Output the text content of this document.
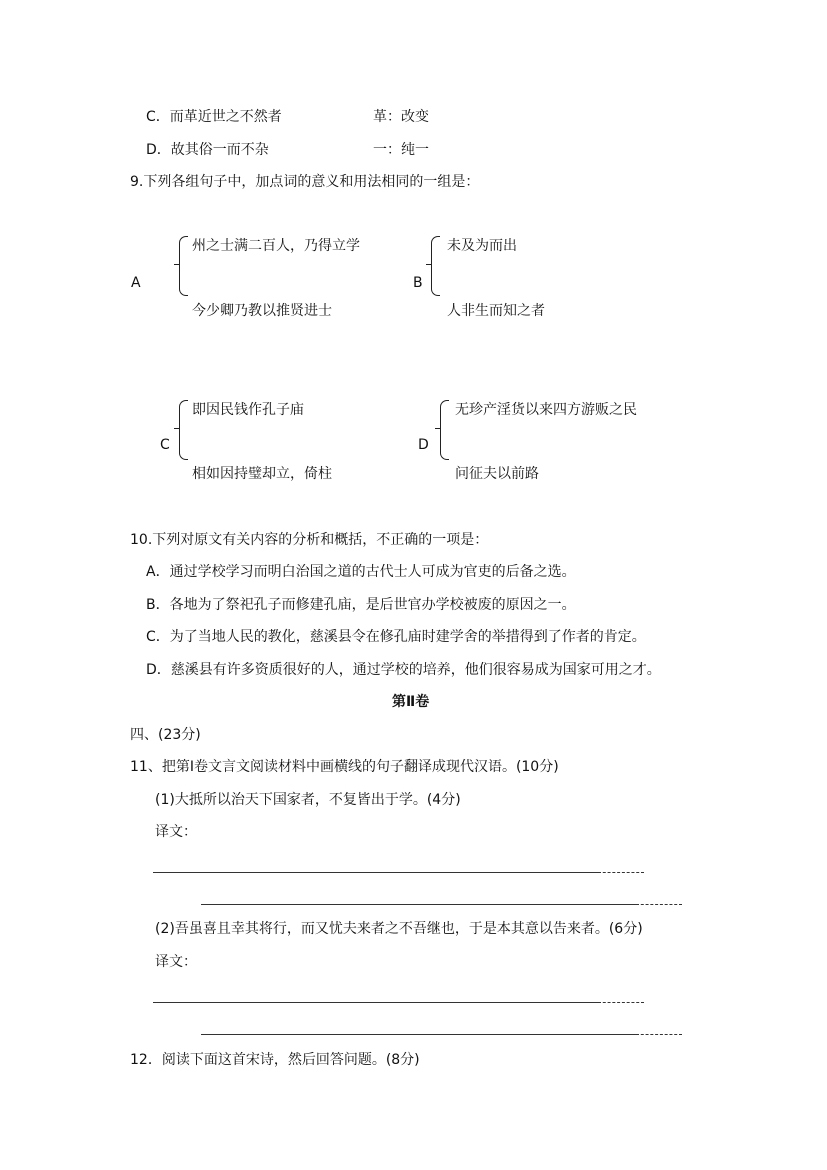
C．而革近世之不然者	革：改变
D．故其俗一而不杂	一：纯一
9.下列各组句子中，加点词的意义和用法相同的一组是：
A
州之士满二百人，乃得立学
今少卿乃教以推贤进士
B
未及为而出
人非生而知之者
C
即因民钱作孔子庙
相如因持璧却立，倚柱
D
无珍产淫货以来四方游贩之民
问征夫以前路
10.下列对原文有关内容的分析和概括，不正确的一项是：
A．通过学校学习而明白治国之道的古代士人可成为官吏的后备之选。
B．各地为了祭祀孔子而修建孔庙，是后世官办学校被废的原因之一。
C．为了当地人民的教化，慈溪县令在修孔庙时建学舍的举措得到了作者的肯定。
D．慈溪县有许多资质很好的人，通过学校的培养，他们很容易成为国家可用之才。
第Ⅱ卷
四、(23分)
11、把第Ⅰ卷文言文阅读材料中画横线的句子翻译成现代汉语。(10分)
(1)大抵所以治天下国家者，不复皆出于学。(4分)
译文：
(2)吾虽喜且幸其将行，而又忧夫来者之不吾继也，于是本其意以告来者。(6分)
译文：
12．阅读下面这首宋诗，然后回答问题。(8分)
